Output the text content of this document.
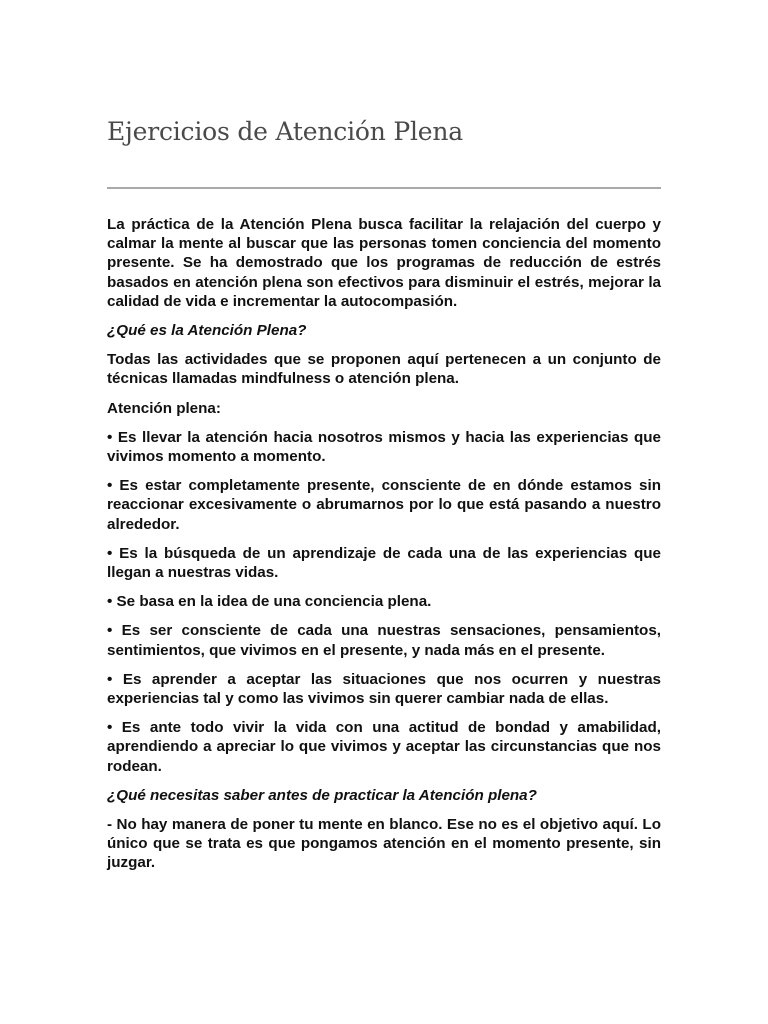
Ejercicios de Atención Plena

La práctica de la Atención Plena busca facilitar la relajación del cuerpo y calmar la mente al buscar que las personas tomen conciencia del momento presente. Se ha demostrado que los programas de reducción de estrés basados en atención plena son efectivos para disminuir el estrés, mejorar la calidad de vida e incrementar la autocompasión.

¿Qué es la Atención Plena?

Todas las actividades que se proponen aquí pertenecen a un conjunto de técnicas llamadas mindfulness o atención plena.

Atención plena:

• Es llevar la atención hacia nosotros mismos y hacia las experiencias que vivimos momento a momento.

• Es estar completamente presente, consciente de en dónde estamos sin reaccionar excesivamente o abrumarnos por lo que está pasando a nuestro alrededor.

• Es la búsqueda de un aprendizaje de cada una de las experiencias que llegan a nuestras vidas.

• Se basa en la idea de una conciencia plena.

• Es ser consciente de cada una nuestras sensaciones, pensamientos, sentimientos, que vivimos en el presente, y nada más en el presente.

• Es aprender a aceptar las situaciones que nos ocurren y nuestras experiencias tal y como las vivimos sin querer cambiar nada de ellas.

• Es ante todo vivir la vida con una actitud de bondad y amabilidad, aprendiendo a apreciar lo que vivimos y aceptar las circunstancias que nos rodean.

¿Qué necesitas saber antes de practicar la Atención plena?

- No hay manera de poner tu mente en blanco. Ese no es el objetivo aquí. Lo único que se trata es que pongamos atención en el momento presente, sin juzgar.
